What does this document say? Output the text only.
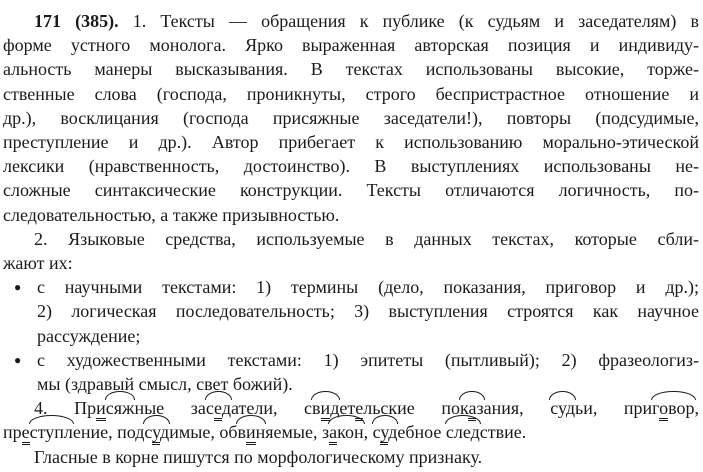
171 (385). 1. Тексты — обращения к публике (к судьям и заседателям) в
форме устного монолога. Ярко выраженная авторская позиция и индивиду-
альность манеры высказывания. В текстах использованы высокие, торже-
ственные слова (господа, проникнуты, строго беспристрастное отношение и
др.), восклицания (господа присяжные заседатели!), повторы (подсудимые,
преступление и др.). Автор прибегает к использованию морально-этической
лексики (нравственность, достоинство). В выступлениях использованы не-
сложные синтаксические конструкции. Тексты отличаются логичность, по-
следовательностью, а также призывностью.
2. Языковые средства, используемые в данных текстах, которые сбли-
жают их:
● с научными текстами: 1) термины (дело, показания, приговор и др.);
2) логическая последовательность; 3) выступления строятся как научное
рассуждение;
● с художественными текстами: 1) эпитеты (пытливый); 2) фразеологиз-
мы (здравый смысл, свет божий).
4. Присяжные заседатели, свидетельские показания, судьи, приговор,
преступление, подсудимые, обвиняемые, закон, судебное следствие.
Гласные в корне пишутся по морфологическому признаку.
